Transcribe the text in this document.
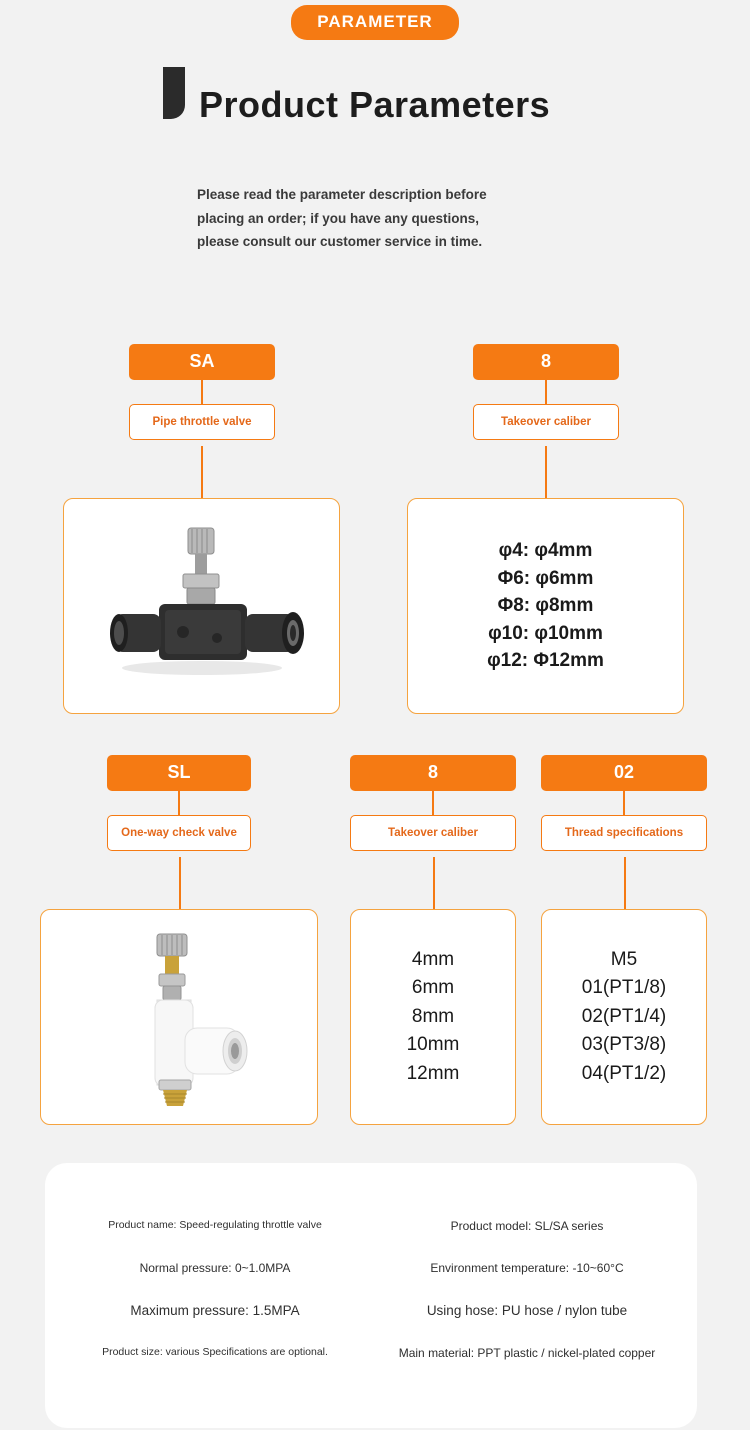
PARAMETER
Product Parameters
Please read the parameter description before
placing an order; if you have any questions,
please consult our customer service in time.
SA
Pipe throttle valve
8
Takeover caliber
φ4: φ4mm
Φ6: φ6mm
Φ8: φ8mm
φ10: φ10mm
φ12: Φ12mm
SL
One-way check valve
8
Takeover caliber
4mm
6mm
8mm
10mm
12mm
02
Thread specifications
M5
01(PT1/8)
02(PT1/4)
03(PT3/8)
04(PT1/2)
Product name: Speed-regulating throttle valve	Product model: SL/SA series
Normal pressure: 0~1.0MPA	Environment temperature: -10~60°C
Maximum pressure: 1.5MPA	Using hose: PU hose / nylon tube
Product size: various Specifications are optional.	Main material: PPT plastic / nickel-plated copper
